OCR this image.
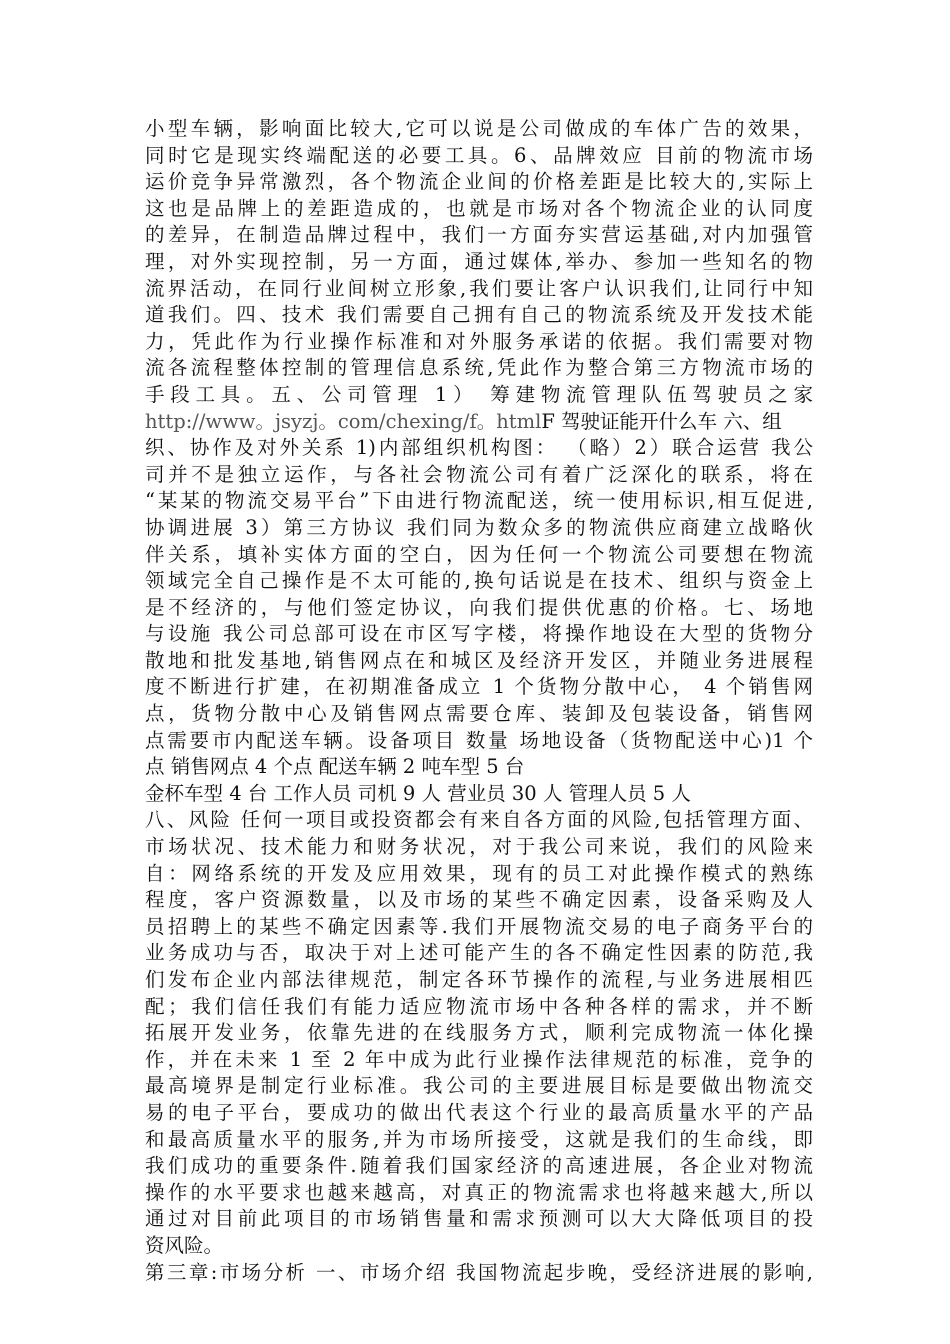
小型车辆，影响面比较大,它可以说是公司做成的车体广告的效果，
同时它是现实终端配送的必要工具。6、品牌效应 目前的物流市场
运价竞争异常激烈，各个物流企业间的价格差距是比较大的,实际上
这也是品牌上的差距造成的，也就是市场对各个物流企业的认同度
的差异，在制造品牌过程中，我们一方面夯实营运基础,对内加强管
理，对外实现控制，另一方面，通过媒体,举办、参加一些知名的物
流界活动，在同行业间树立形象,我们要让客户认识我们,让同行中知
道我们。四、技术 我们需要自己拥有自己的物流系统及开发技术能
力，凭此作为行业操作标准和对外服务承诺的依据。我们需要对物
流各流程整体控制的管理信息系统,凭此作为整合第三方物流市场的
手段工具。五、公司管理 1） 筹建物流管理队伍驾驶员之家
http://www。jsyzj。com/chexing/f。htmlF 驾驶证能开什么车 六、组
织、协作及对外关系 1)内部组织机构图： （略）2）联合运营 我公
司并不是独立运作，与各社会物流公司有着广泛深化的联系，将在
“某某的物流交易平台”下由进行物流配送，统一使用标识,相互促进,
协调进展 3）第三方协议 我们同为数众多的物流供应商建立战略伙
伴关系，填补实体方面的空白，因为任何一个物流公司要想在物流
领域完全自己操作是不太可能的,换句话说是在技术、组织与资金上
是不经济的，与他们签定协议，向我们提供优惠的价格。七、场地
与设施 我公司总部可设在市区写字楼，将操作地设在大型的货物分
散地和批发基地,销售网点在和城区及经济开发区，并随业务进展程
度不断进行扩建，在初期准备成立 1 个货物分散中心， 4 个销售网
点，货物分散中心及销售网点需要仓库、装卸及包装设备，销售网
点需要市内配送车辆。设备项目 数量 场地设备（货物配送中心)1 个
点 销售网点 4 个点 配送车辆 2 吨车型 5 台
金杯车型 4 台 工作人员 司机 9 人 营业员 30 人 管理人员 5 人
八、风险 任何一项目或投资都会有来自各方面的风险,包括管理方面、
市场状况、技术能力和财务状况，对于我公司来说，我们的风险来
自：网络系统的开发及应用效果，现有的员工对此操作模式的熟练
程度，客户资源数量，以及市场的某些不确定因素，设备采购及人
员招聘上的某些不确定因素等.我们开展物流交易的电子商务平台的
业务成功与否，取决于对上述可能产生的各不确定性因素的防范,我
们发布企业内部法律规范，制定各环节操作的流程,与业务进展相匹
配；我们信任我们有能力适应物流市场中各种各样的需求，并不断
拓展开发业务，依靠先进的在线服务方式，顺利完成物流一体化操
作，并在未来 1 至 2 年中成为此行业操作法律规范的标准，竞争的
最高境界是制定行业标准。我公司的主要进展目标是要做出物流交
易的电子平台，要成功的做出代表这个行业的最高质量水平的产品
和最高质量水平的服务,并为市场所接受，这就是我们的生命线，即
我们成功的重要条件.随着我们国家经济的高速进展，各企业对物流
操作的水平要求也越来越高，对真正的物流需求也将越来越大,所以
通过对目前此项目的市场销售量和需求预测可以大大降低项目的投
资风险。
第三章:市场分析 一、市场介绍 我国物流起步晚，受经济进展的影响,
